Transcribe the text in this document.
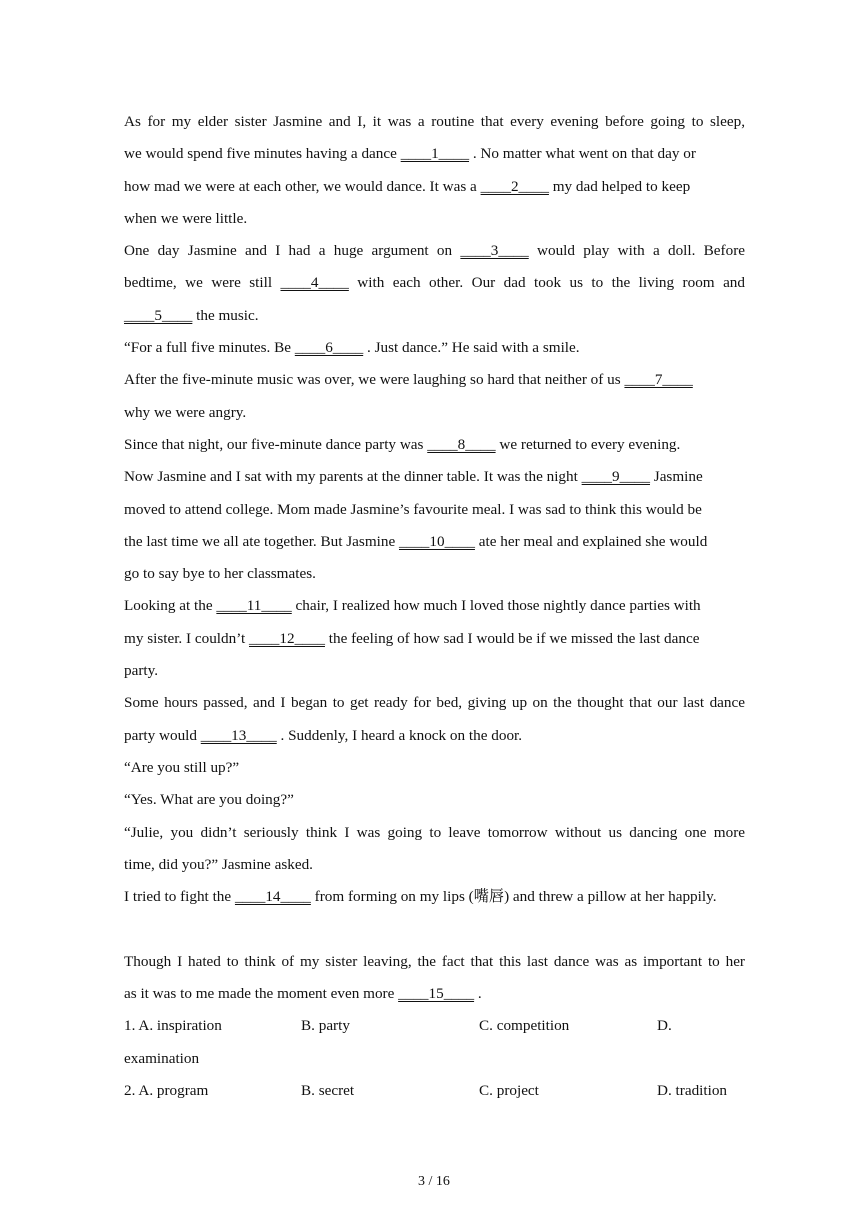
As for my elder sister Jasmine and I, it was a routine that every evening before going to sleep,
we would spend five minutes having a dance ____1____ . No matter what went on that day or
how mad we were at each other, we would dance. It was a ____2____ my dad helped to keep
when we were little.
One day Jasmine and I had a huge argument on ____3____ would play with a doll. Before
bedtime, we were still ____4____ with each other. Our dad took us to the living room and
____5____ the music.
“For a full five minutes. Be ____6____ . Just dance.” He said with a smile.
After the five-minute music was over, we were laughing so hard that neither of us ____7____
why we were angry.
Since that night, our five-minute dance party was ____8____ we returned to every evening.
Now Jasmine and I sat with my parents at the dinner table. It was the night ____9____ Jasmine
moved to attend college. Mom made Jasmine’s favourite meal. I was sad to think this would be
the last time we all ate together. But Jasmine ____10____ ate her meal and explained she would
go to say bye to her classmates.
Looking at the ____11____ chair, I realized how much I loved those nightly dance parties with
my sister. I couldn’t ____12____ the feeling of how sad I would be if we missed the last dance
party.
Some hours passed, and I began to get ready for bed, giving up on the thought that our last dance
party would ____13____ . Suddenly, I heard a knock on the door.
“Are you still up?”
“Yes. What are you doing?”
“Julie, you didn’t seriously think I was going to leave tomorrow without us dancing one more
time, did you?” Jasmine asked.
I tried to fight the ____14____ from forming on my lips (嘴唇) and threw a pillow at her happily.
Though I hated to think of my sister leaving, the fact that this last dance was as important to her
as it was to me made the moment even more ____15____ .
1. A. inspiration	B. party	C. competition	D.
examination
2. A. program	B. secret	C. project	D. tradition
3 / 16
